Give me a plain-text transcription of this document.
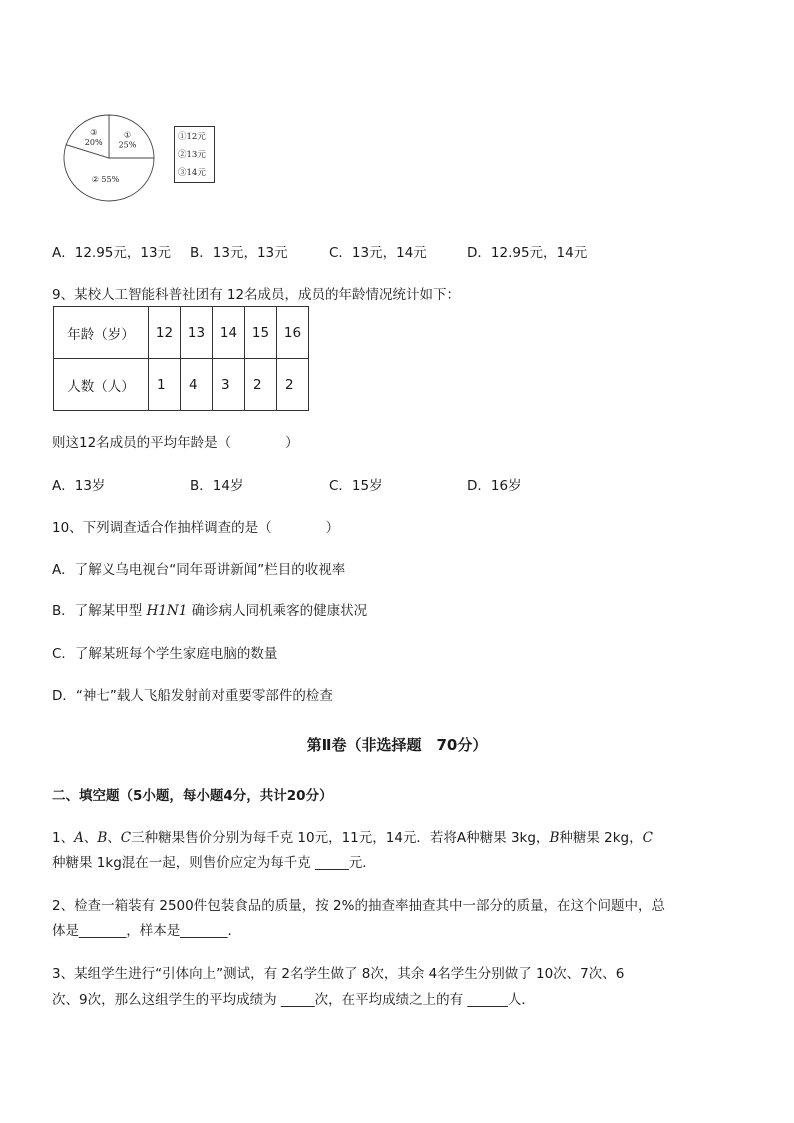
①
25%
② 55%
③
20%
①12元
②13元
③14元
A．12.95元，13元 B．13元，13元	C．13元，14元	D．12.95元，14元
9、某校人工智能科普社团有 12名成员，成员的年龄情况统计如下：
年龄（岁）	12	13	14	15	16
人数（人）	1	4	3	2	2
则这12名成员的平均年龄是（　　　　）
A．13岁	B．14岁	C．15岁	D．16岁
10、下列调查适合作抽样调查的是（　　　　）
A．了解义乌电视台“同年哥讲新闻”栏目的收视率
B．了解某甲型 H1N1 确诊病人同机乘客的健康状况
C．了解某班每个学生家庭电脑的数量
D．“神七”载人飞船发射前对重要零部件的检查
第Ⅱ卷（非选择题　70分）
二、填空题（5小题，每小题4分，共计20分）
1、A、B、C三种糖果售价分别为每千克 10元，11元，14元．若将A种糖果 3kg，B种糖果 2kg，C
种糖果 1kg混在一起，则售价应定为每千克 _____元．
2、检查一箱装有 2500件包装食品的质量，按 2%的抽查率抽查其中一部分的质量，在这个问题中，总
体是_______，样本是_______．
3、某组学生进行“引体向上”测试，有 2名学生做了 8次，其余 4名学生分别做了 10次、7次、6
次、9次，那么这组学生的平均成绩为 _____次，在平均成绩之上的有 ______人．
